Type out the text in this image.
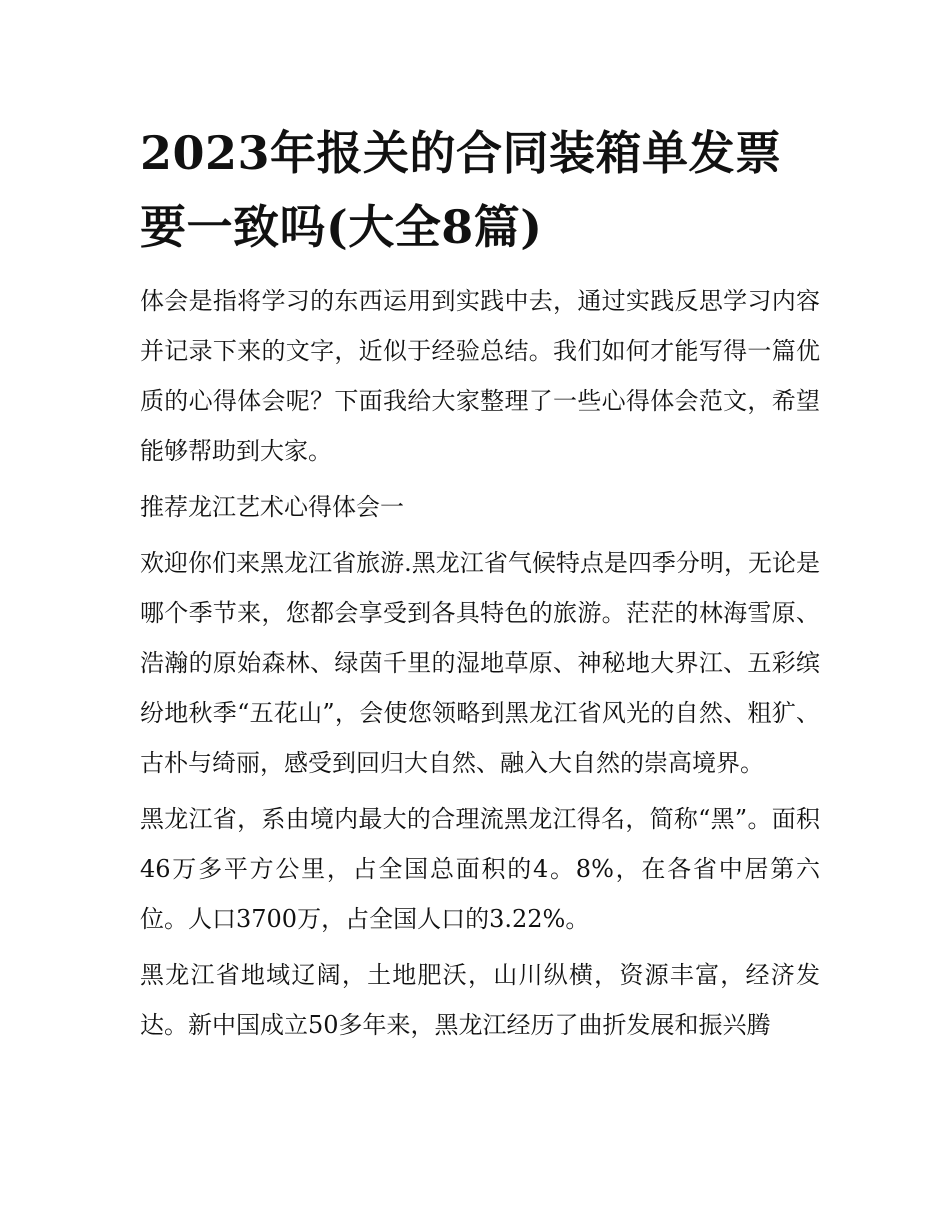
2023年报关的合同装箱单发票要一致吗(大全8篇)

体会是指将学习的东西运用到实践中去，通过实践反思学习内容并记录下来的文字，近似于经验总结。我们如何才能写得一篇优质的心得体会呢？下面我给大家整理了一些心得体会范文，希望能够帮助到大家。

推荐龙江艺术心得体会一

欢迎你们来黑龙江省旅游.黑龙江省气候特点是四季分明，无论是哪个季节来，您都会享受到各具特色的旅游。茫茫的林海雪原、浩瀚的原始森林、绿茵千里的湿地草原、神秘地大界江、五彩缤纷地秋季“五花山”，会使您领略到黑龙江省风光的自然、粗犷、古朴与绮丽，感受到回归大自然、融入大自然的崇高境界。

黑龙江省，系由境内最大的合理流黑龙江得名，简称“黑”。面积46万多平方公里，占全国总面积的4。8%，在各省中居第六位。人口3700万，占全国人口的3.22%。

黑龙江省地域辽阔，土地肥沃，山川纵横，资源丰富，经济发达。新中国成立50多年来，黑龙江经历了曲折发展和振兴腾
